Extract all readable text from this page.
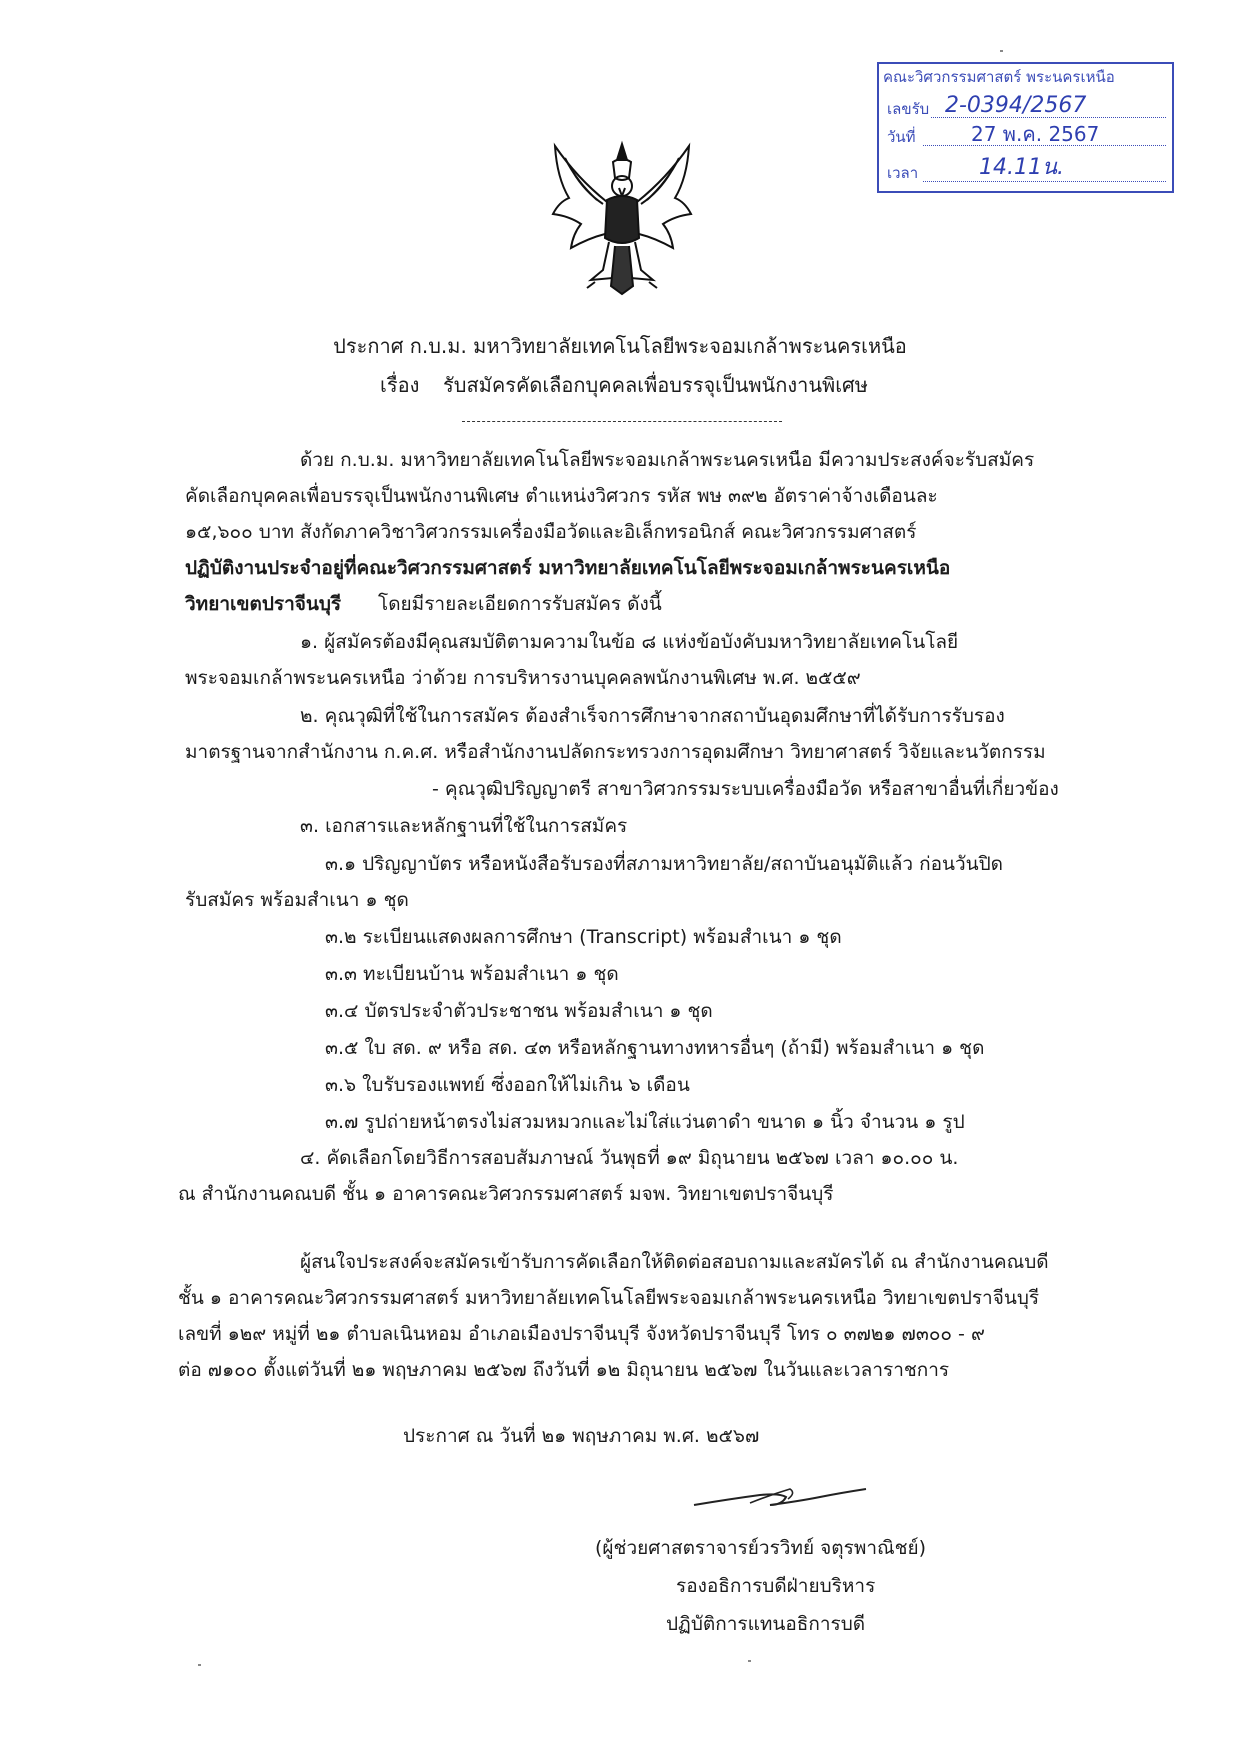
คณะวิศวกรรมศาสตร์ พระนครเหนือ
เลขรับ 2-0394/2567
วันที่	27 พ.ค. 2567
เวลา	14.11น.
ประกาศ ก.บ.ม. มหาวิทยาลัยเทคโนโลยีพระจอมเกล้าพระนครเหนือ
เรื่อง รับสมัครคัดเลือกบุคคลเพื่อบรรจุเป็นพนักงานพิเศษ
ด้วย ก.บ.ม. มหาวิทยาลัยเทคโนโลยีพระจอมเกล้าพระนครเหนือ มีความประสงค์จะรับสมัคร
คัดเลือกบุคคลเพื่อบรรจุเป็นพนักงานพิเศษ ตำแหน่งวิศวกร รหัส พษ ๓๙๒ อัตราค่าจ้างเดือนละ
๑๕,๖๐๐ บาท สังกัดภาควิชาวิศวกรรมเครื่องมือวัดและอิเล็กทรอนิกส์ คณะวิศวกรรมศาสตร์
ปฏิบัติงานประจำอยู่ที่คณะวิศวกรรมศาสตร์ มหาวิทยาลัยเทคโนโลยีพระจอมเกล้าพระนครเหนือ
วิทยาเขตปราจีนบุรี โดยมีรายละเอียดการรับสมัคร ดังนี้
๑. ผู้สมัครต้องมีคุณสมบัติตามความในข้อ ๘ แห่งข้อบังคับมหาวิทยาลัยเทคโนโลยี
พระจอมเกล้าพระนครเหนือ ว่าด้วย การบริหารงานบุคคลพนักงานพิเศษ พ.ศ. ๒๕๕๙
๒. คุณวุฒิที่ใช้ในการสมัคร ต้องสำเร็จการศึกษาจากสถาบันอุดมศึกษาที่ได้รับการรับรอง
มาตรฐานจากสำนักงาน ก.ค.ศ. หรือสำนักงานปลัดกระทรวงการอุดมศึกษา วิทยาศาสตร์ วิจัยและนวัตกรรม
- คุณวุฒิปริญญาตรี สาขาวิศวกรรมระบบเครื่องมือวัด หรือสาขาอื่นที่เกี่ยวข้อง
๓. เอกสารและหลักฐานที่ใช้ในการสมัคร
๓.๑ ปริญญาบัตร หรือหนังสือรับรองที่สภามหาวิทยาลัย/สถาบันอนุมัติแล้ว ก่อนวันปิด
รับสมัคร พร้อมสำเนา ๑ ชุด
๓.๒ ระเบียนแสดงผลการศึกษา (Transcript) พร้อมสำเนา ๑ ชุด
๓.๓ ทะเบียนบ้าน พร้อมสำเนา ๑ ชุด
๓.๔ บัตรประจำตัวประชาชน พร้อมสำเนา ๑ ชุด
๓.๕ ใบ สด. ๙ หรือ สด. ๔๓ หรือหลักฐานทางทหารอื่นๆ (ถ้ามี) พร้อมสำเนา ๑ ชุด
๓.๖ ใบรับรองแพทย์ ซึ่งออกให้ไม่เกิน ๖ เดือน
๓.๗ รูปถ่ายหน้าตรงไม่สวมหมวกและไม่ใส่แว่นตาดำ ขนาด ๑ นิ้ว จำนวน ๑ รูป
๔. คัดเลือกโดยวิธีการสอบสัมภาษณ์ วันพุธที่ ๑๙ มิถุนายน ๒๕๖๗ เวลา ๑๐.๐๐ น.
ณ สำนักงานคณบดี ชั้น ๑ อาคารคณะวิศวกรรมศาสตร์ มจพ. วิทยาเขตปราจีนบุรี
ผู้สนใจประสงค์จะสมัครเข้ารับการคัดเลือกให้ติดต่อสอบถามและสมัครได้ ณ สำนักงานคณบดี
ชั้น ๑ อาคารคณะวิศวกรรมศาสตร์ มหาวิทยาลัยเทคโนโลยีพระจอมเกล้าพระนครเหนือ วิทยาเขตปราจีนบุรี
เลขที่ ๑๒๙ หมู่ที่ ๒๑ ตำบลเนินหอม อำเภอเมืองปราจีนบุรี จังหวัดปราจีนบุรี โทร ๐ ๓๗๒๑ ๗๓๐๐ - ๙
ต่อ ๗๑๐๐ ตั้งแต่วันที่ ๒๑ พฤษภาคม ๒๕๖๗ ถึงวันที่ ๑๒ มิถุนายน ๒๕๖๗ ในวันและเวลาราชการ
ประกาศ ณ วันที่ ๒๑ พฤษภาคม พ.ศ. ๒๕๖๗
(ผู้ช่วยศาสตราจารย์วรวิทย์ จตุรพาณิชย์)
รองอธิการบดีฝ่ายบริหาร
ปฏิบัติการแทนอธิการบดี
